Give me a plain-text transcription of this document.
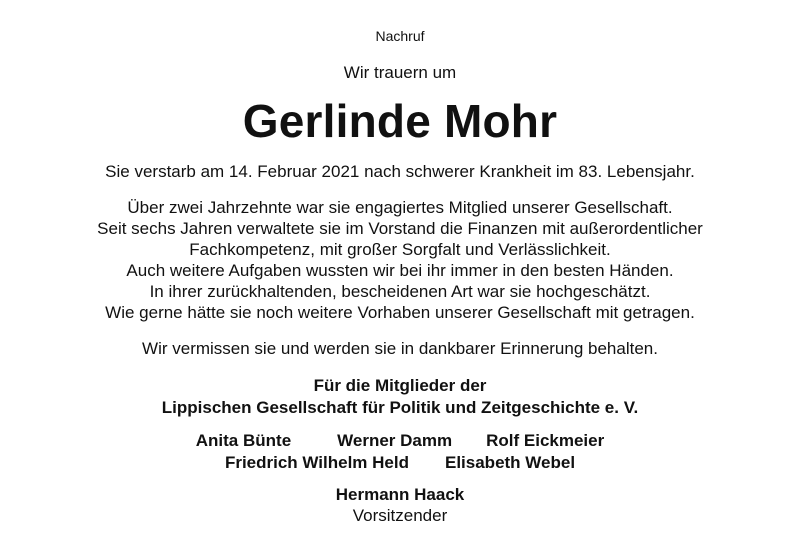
Nachruf
Wir trauern um
Gerlinde Mohr
Sie verstarb am 14. Februar 2021 nach schwerer Krankheit im 83. Lebensjahr.
Über zwei Jahrzehnte war sie engagiertes Mitglied unserer Gesellschaft.
Seit sechs Jahren verwaltete sie im Vorstand die Finanzen mit außerordentlicher
Fachkompetenz, mit großer Sorgfalt und Verlässlichkeit.
Auch weitere Aufgaben wussten wir bei ihr immer in den besten Händen.
In ihrer zurückhaltenden, bescheidenen Art war sie hochgeschätzt.
Wie gerne hätte sie noch weitere Vorhaben unserer Gesellschaft mit getragen.
Wir vermissen sie und werden sie in dankbarer Erinnerung behalten.
Für die Mitglieder der
Lippischen Gesellschaft für Politik und Zeitgeschichte e. V.
Anita Bünte	Werner Damm Rolf Eickmeier
Friedrich Wilhelm Held Elisabeth Webel
Hermann Haack
Vorsitzender
